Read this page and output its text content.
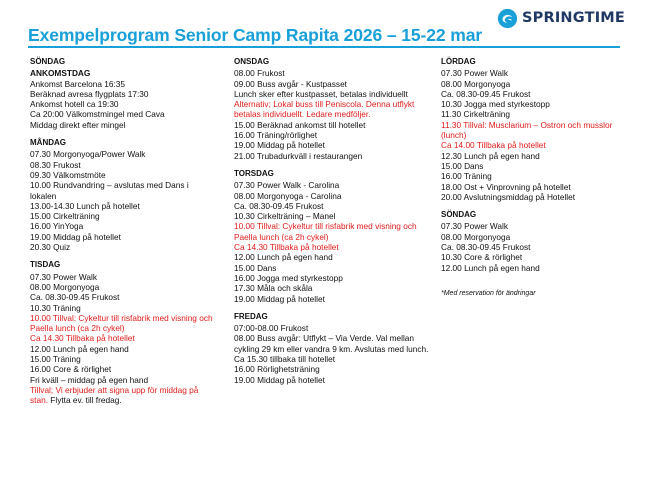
SPRINGTIME
Exempelprogram Senior Camp Rapita 2026 – 15-22 mar
SÖNDAG
ANKOMSTDAG
Ankomst Barcelona 16:35
Beräknad avresa flygplats 17:30
Ankomst hotell ca 19:30
Ca 20:00 Välkomstmingel med Cava
Middag direkt efter mingel
MÅNDAG
07.30 Morgonyoga/Power Walk
08.30 Frukost
09.30 Välkomstmöte
10.00 Rundvandring – avslutas med Dans i lokalen
13.00-14.30 Lunch på hotellet
15.00 Cirkelträning
16.00 YinYoga
19.00 Middag på hotellet
20.30 Quiz
TISDAG
07.30 Power Walk
08.00 Morgonyoga
Ca. 08.30-09.45 Frukost
10.30 Träning
10.00 Tillval: Cykeltur till risfabrik med visning och Paella lunch (ca 2h cykel)
Ca 14.30 Tillbaka på hotellet
12.00 Lunch på egen hand
15.00 Träning
16.00 Core & rörlighet
Fri kväll – middag på egen hand
Tillval; Vi erbjuder att signa upp för middag på stan. Flytta ev. till fredag.
ONSDAG
08.00 Frukost
09.00 Buss avgår - Kustpasset
Lunch sker efter kustpasset, betalas individuellt
Alternativ; Lokal buss till Peniscola. Denna utflykt betalas individuellt. Ledare medföljer.
15.00 Beräknad ankomst till hotellet
16.00 Träning/rörlighet
19.00 Middag på hotellet
21.00 Trubadurkväll i restaurangen
TORSDAG
07.30 Power Walk - Carolina
08.00 Morgonyoga - Carolina
Ca. 08.30-09.45 Frukost
10.30 Cirkelträning – Manel
10.00 Tillval: Cykeltur till risfabrik med visning och Paella lunch (ca 2h cykel)
Ca 14.30 Tillbaka på hotellet
12.00 Lunch på egen hand
15.00 Dans
16.00 Jogga med styrkestopp
17.30 Måla och skåla
19.00 Middag på hotellet
FREDAG
07:00-08.00 Frukost
08.00 Buss avgår: Utflykt – Via Verde. Val mellan cykling 29 km eller vandra 9 km. Avslutas med lunch.
Ca 15.30 tillbaka till hotellet
16.00 Rörlighetsträning
19.00 Middag på hotellet
LÖRDAG
07.30 Power Walk
08.00 Morgonyoga
Ca. 08.30-09.45 Frukost
10.30 Jogga med styrkestopp
11.30 Cirkelträning
11.30 Tillval: Musclarium – Ostron och musslor (lunch)
Ca 14.00 Tillbaka på hotellet
12.30 Lunch på egen hand
15.00 Dans
16.00 Träning
18.00 Ost + Vinprovning på hotellet
20.00 Avslutningsmiddag på Hotellet
SÖNDAG
07.30 Power Walk
08.00 Morgonyoga
Ca. 08.30-09.45 Frukost
10.30 Core & rörlighet
12.00 Lunch på egen hand
*Med reservation för ändringar
